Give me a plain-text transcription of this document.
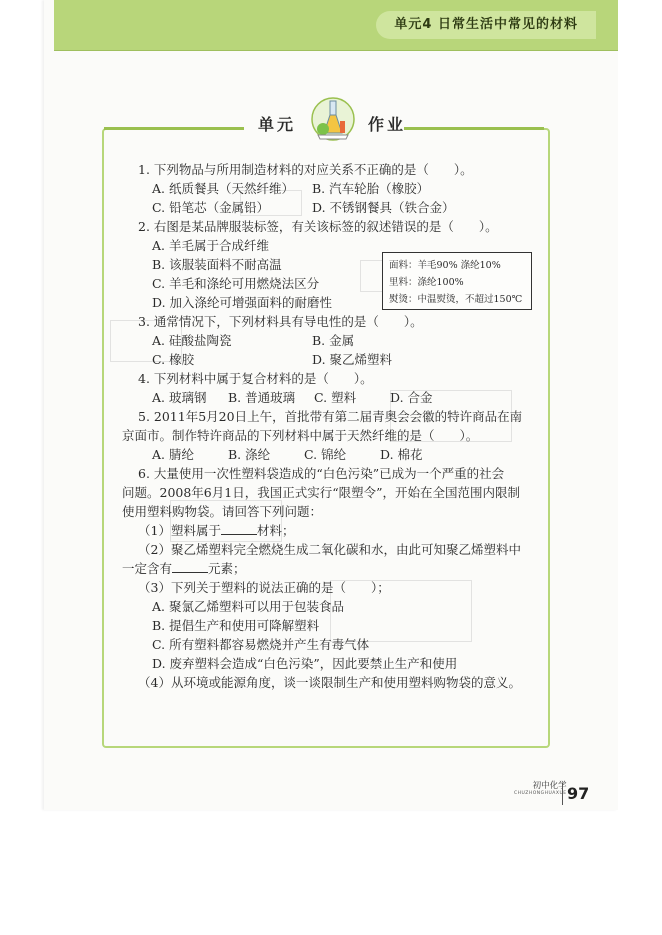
单元4 日常生活中常见的材料
单元	作业

1. 下列物品与所用制造材料的对应关系不正确的是（　　）。

A. 纸质餐具（天然纤维）	B. 汽车轮胎（橡胶）
C. 铅笔芯（金属铅）	D. 不锈钢餐具（铁合金）

2. 右图是某品牌服装标签，有关该标签的叙述错误的是（　　）。

A. 羊毛属于合成纤维

B. 该服装面料不耐高温

C. 羊毛和涤纶可用燃烧法区分

D. 加入涤纶可增强面料的耐磨性

3. 通常情况下，下列材料具有导电性的是（　　）。

A. 硅酸盐陶瓷	B. 金属
C. 橡胶	D. 聚乙烯塑料

4. 下列材料中属于复合材料的是（　　）。

A. 玻璃钢	B. 普通玻璃	C. 塑料	D. 合金

5. 2011年5月20日上午，首批带有第二届青奥会会徽的特许商品在南

京面市。制作特许商品的下列材料中属于天然纤维的是（　　）。

A. 腈纶	B. 涤纶	C. 锦纶	D. 棉花

6. 大量使用一次性塑料袋造成的“白色污染”已成为一个严重的社会

问题。2008年6月1日，我国正式实行“限塑令”，开始在全国范围内限制

使用塑料购物袋。请回答下列问题：

（1）塑料属于	材料；

（2）聚乙烯塑料完全燃烧生成二氧化碳和水，由此可知聚乙烯塑料中

一定含有	元素；

（3）下列关于塑料的说法正确的是（　　）；

A. 聚氯乙烯塑料可以用于包装食品

B. 提倡生产和使用可降解塑料

C. 所有塑料都容易燃烧并产生有毒气体

D. 废弃塑料会造成“白色污染”，因此要禁止生产和使用

（4）从环境或能源角度，谈一谈限制生产和使用塑料购物袋的意义。

面料：羊毛90% 涤纶10%
里料：涤纶100%
熨烫：中温熨烫，不超过150℃
初中化学
CHUZHONGHUAXUE 97
